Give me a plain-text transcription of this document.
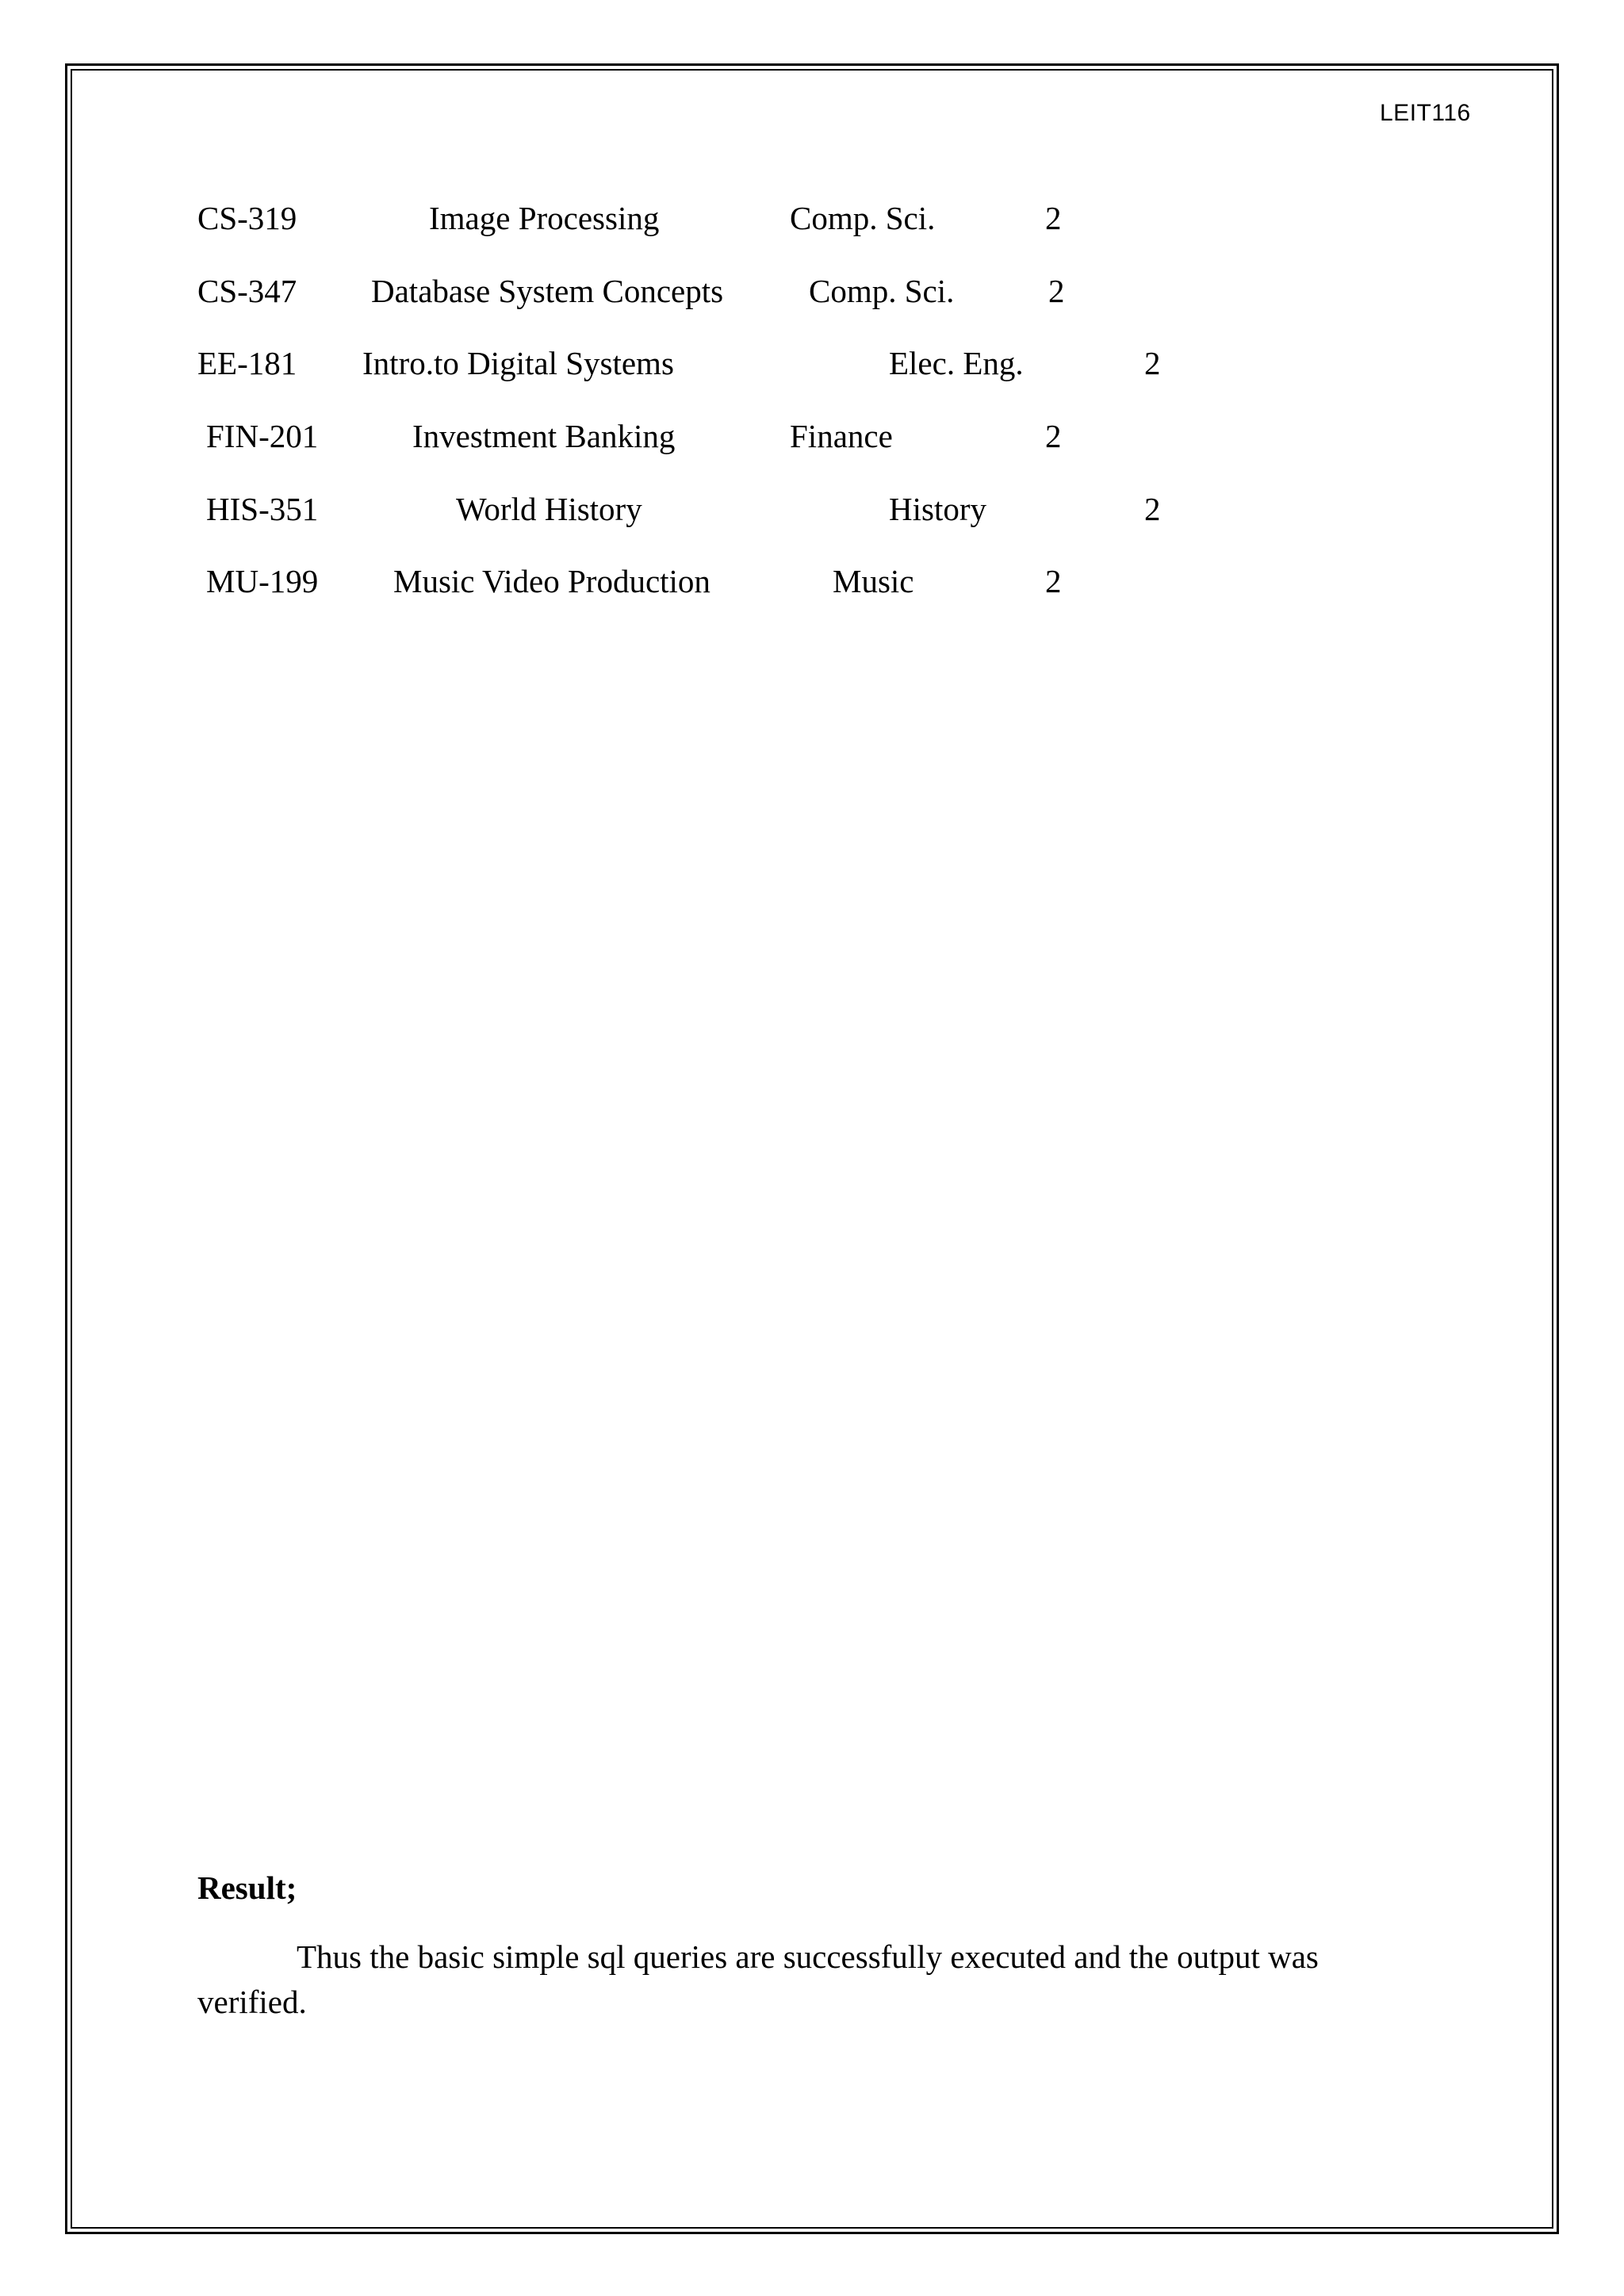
LEIT116
CS-319	Image Processing	Comp. Sci.	2
CS-347 Database System Concepts	Comp. Sci.	2
EE-181 Intro.to Digital Systems	Elec. Eng.	2
FIN-201	Investment Banking	Finance	2
HIS-351	World History	History	2
MU-199 Music Video Production	Music	2
Result;
Thus the basic simple sql queries are successfully executed and the output was verified.
